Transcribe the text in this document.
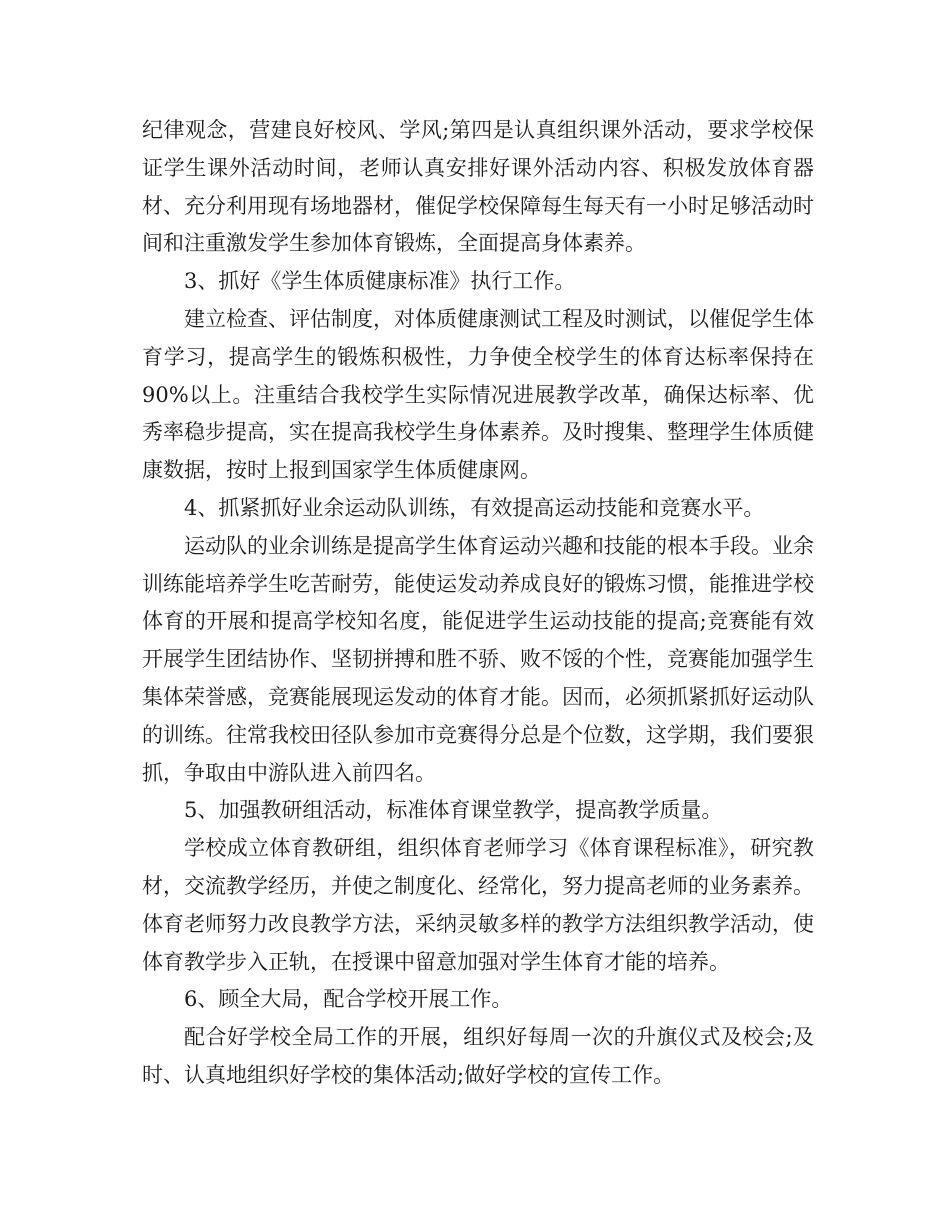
纪律观念，营建良好校风、学风;第四是认真组织课外活动，要求学校保证学生课外活动时间，老师认真安排好课外活动内容、积极发放体育器材、充分利用现有场地器材，催促学校保障每生每天有一小时足够活动时间和注重激发学生参加体育锻炼，全面提高身体素养。

3、抓好《学生体质健康标准》执行工作。

建立检查、评估制度，对体质健康测试工程及时测试，以催促学生体育学习，提高学生的锻炼积极性，力争使全校学生的体育达标率保持在90%以上。注重结合我校学生实际情况进展教学改革，确保达标率、优秀率稳步提高，实在提高我校学生身体素养。及时搜集、整理学生体质健康数据，按时上报到国家学生体质健康网。

4、抓紧抓好业余运动队训练，有效提高运动技能和竞赛水平。

运动队的业余训练是提高学生体育运动兴趣和技能的根本手段。业余训练能培养学生吃苦耐劳，能使运发动养成良好的锻炼习惯，能推进学校体育的开展和提高学校知名度，能促进学生运动技能的提高;竞赛能有效开展学生团结协作、坚韧拼搏和胜不骄、败不馁的个性，竞赛能加强学生集体荣誉感，竞赛能展现运发动的体育才能。因而，必须抓紧抓好运动队的训练。往常我校田径队参加市竞赛得分总是个位数，这学期，我们要狠抓，争取由中游队进入前四名。

5、加强教研组活动，标准体育课堂教学，提高教学质量。

学校成立体育教研组，组织体育老师学习《体育课程标准》，研究教材，交流教学经历，并使之制度化、经常化，努力提高老师的业务素养。体育老师努力改良教学方法，采纳灵敏多样的教学方法组织教学活动，使体育教学步入正轨，在授课中留意加强对学生体育才能的培养。

6、顾全大局，配合学校开展工作。

配合好学校全局工作的开展，组织好每周一次的升旗仪式及校会;及时、认真地组织好学校的集体活动;做好学校的宣传工作。
